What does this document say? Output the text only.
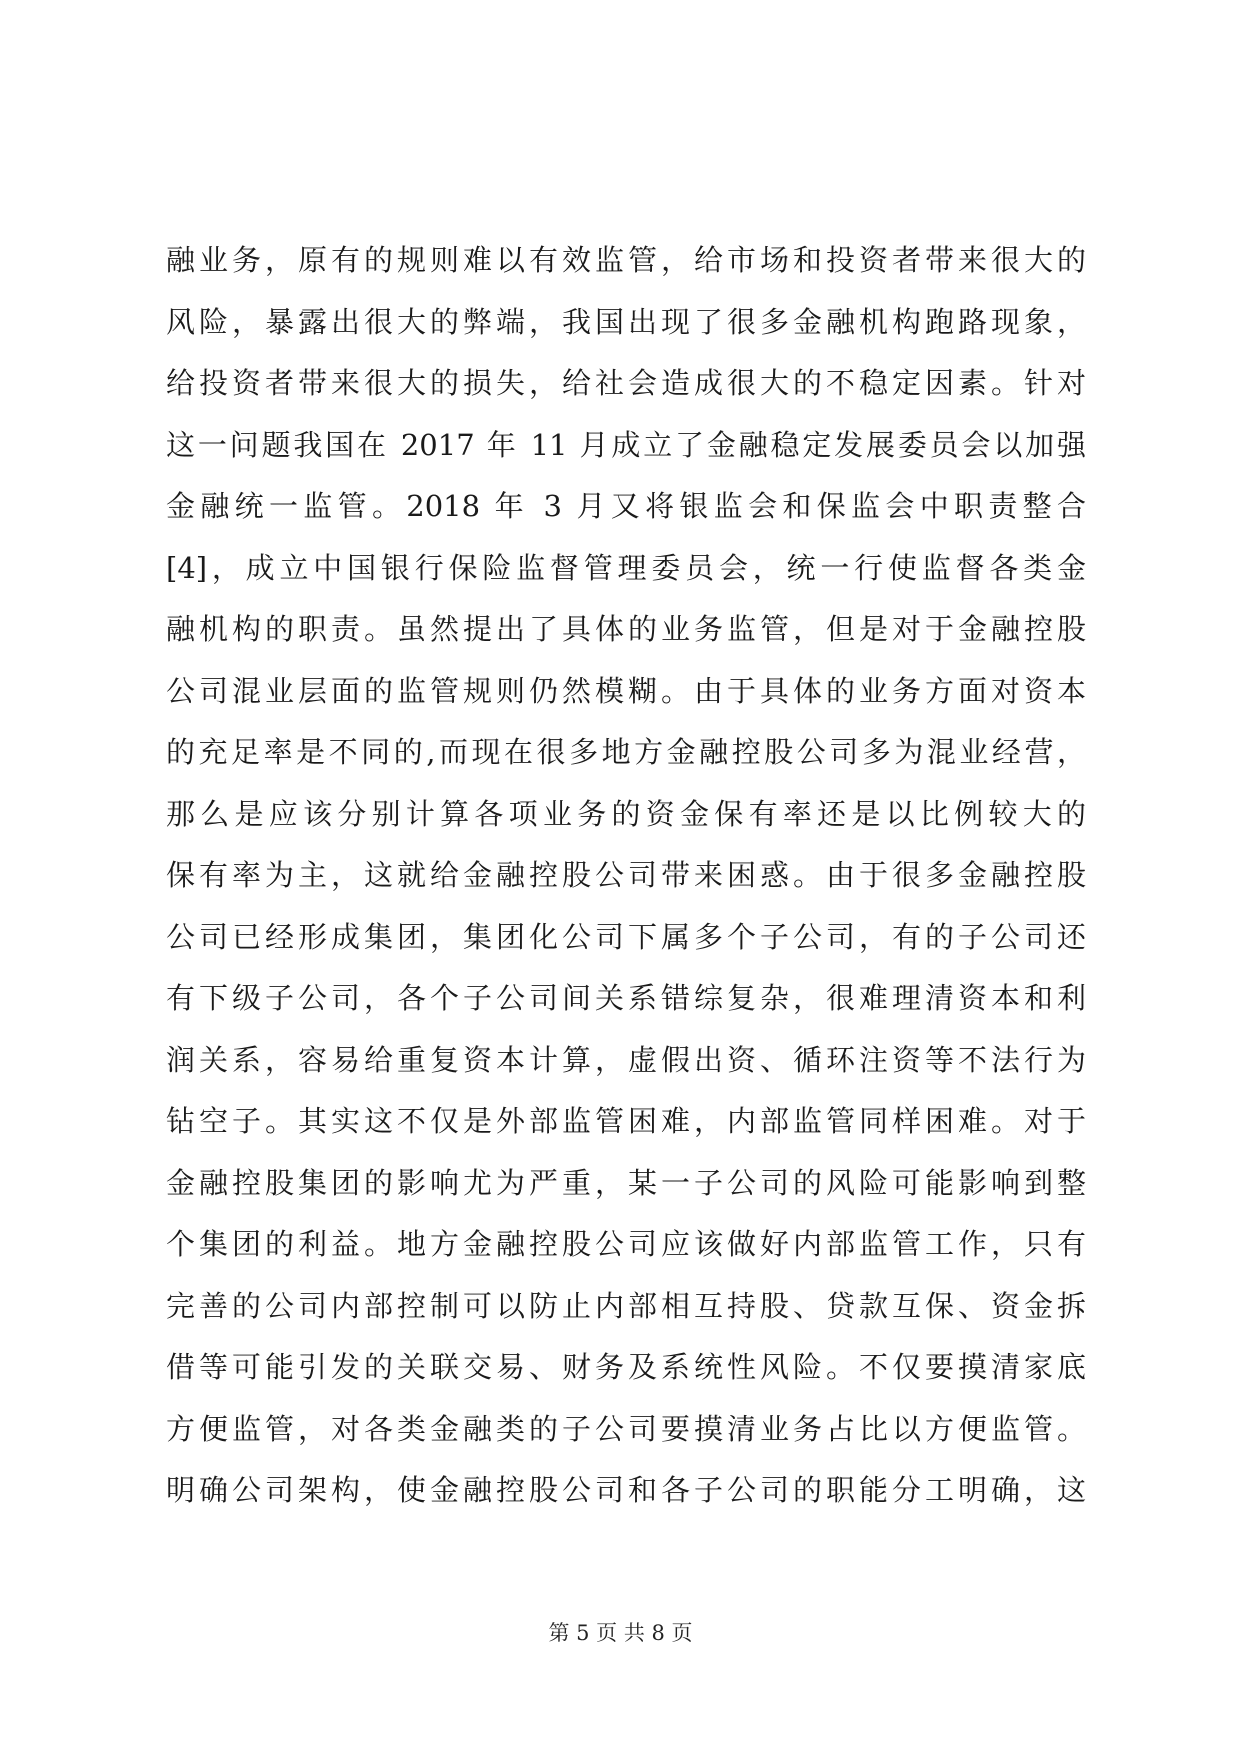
融业务，原有的规则难以有效监管，给市场和投资者带来很大的
风险，暴露出很大的弊端，我国出现了很多金融机构跑路现象，
给投资者带来很大的损失，给社会造成很大的不稳定因素。针对
这一问题我国在 2017 年 11 月成立了金融稳定发展委员会以加强
金融统一监管。2018 年 3 月又将银监会和保监会中职责整合
[4]，成立中国银行保险监督管理委员会，统一行使监督各类金
融机构的职责。虽然提出了具体的业务监管，但是对于金融控股
公司混业层面的监管规则仍然模糊。由于具体的业务方面对资本
的充足率是不同的,而现在很多地方金融控股公司多为混业经营，
那么是应该分别计算各项业务的资金保有率还是以比例较大的
保有率为主，这就给金融控股公司带来困惑。由于很多金融控股
公司已经形成集团，集团化公司下属多个子公司，有的子公司还
有下级子公司，各个子公司间关系错综复杂，很难理清资本和利
润关系，容易给重复资本计算，虚假出资、循环注资等不法行为
钻空子。其实这不仅是外部监管困难，内部监管同样困难。对于
金融控股集团的影响尤为严重，某一子公司的风险可能影响到整
个集团的利益。地方金融控股公司应该做好内部监管工作，只有
完善的公司内部控制可以防止内部相互持股、贷款互保、资金拆
借等可能引发的关联交易、财务及系统性风险。不仅要摸清家底
方便监管，对各类金融类的子公司要摸清业务占比以方便监管。
明确公司架构，使金融控股公司和各子公司的职能分工明确，这
第 5 页 共 8 页
